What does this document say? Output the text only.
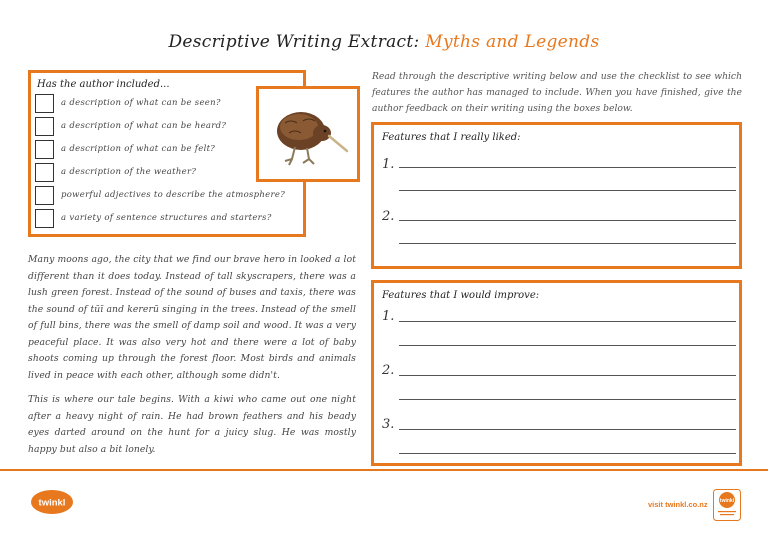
Descriptive Writing Extract: Myths and Legends
Has the author included...
a description of what can be seen?
a description of what can be heard?
a description of what can be felt?
a description of the weather?
powerful adjectives to describe the atmosphere?
a variety of sentence structures and starters?

Many moons ago, the city that we find our brave hero in looked a lot different than it does today. Instead of tall skyscrapers, there was a lush green forest. Instead of the sound of buses and taxis, there was the sound of tūī and kererū singing in the trees. Instead of the smell of full bins, there was the smell of damp soil and wood. It was a very peaceful place. It was also very hot and there were a lot of baby shoots coming up through the forest floor. Most birds and animals lived in peace with each other, although some didn't.

This is where our tale begins. With a kiwi who came out one night after a heavy night of rain. He had brown feathers and his beady eyes darted around on the hunt for a juicy slug. He was mostly happy but also a bit lonely.

Read through the descriptive writing below and use the checklist to see which features the author has managed to include. When you have finished, give the author feedback on their writing using the boxes below.
Features that I really liked:
1.
2.
Features that I would improve:
1.
2.
3.
twinkl	visit twinkl.co.nz twinkl
